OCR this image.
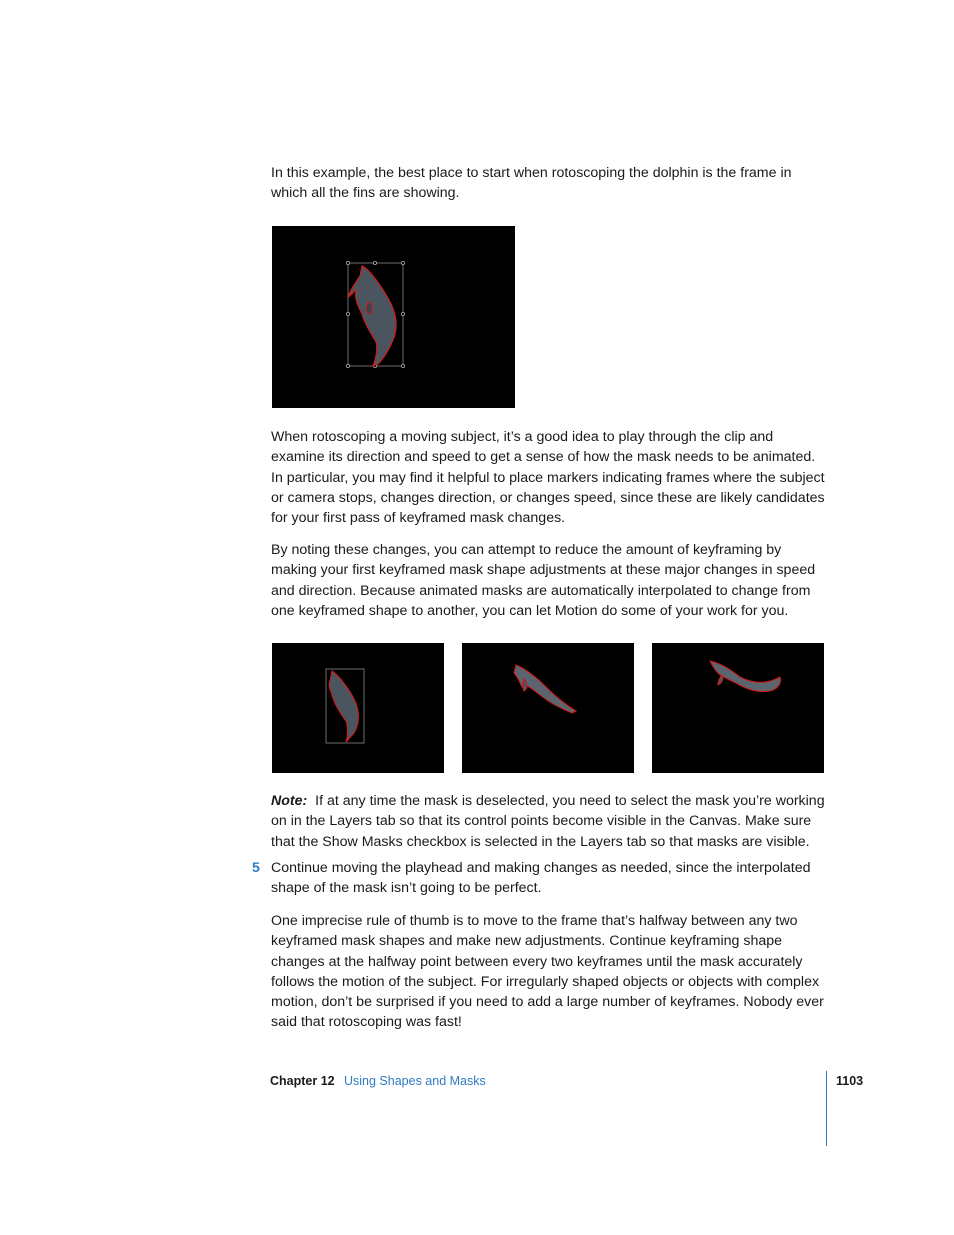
In this example, the best place to start when rotoscoping the dolphin is the frame in which all the fins are showing.

When rotoscoping a moving subject, it’s a good idea to play through the clip and examine its direction and speed to get a sense of how the mask needs to be animated. In particular, you may find it helpful to place markers indicating frames where the subject or camera stops, changes direction, or changes speed, since these are likely candidates for your first pass of keyframed mask changes.

By noting these changes, you can attempt to reduce the amount of keyframing by making your first keyframed mask shape adjustments at these major changes in speed and direction. Because animated masks are automatically interpolated to change from one keyframed shape to another, you can let Motion do some of your work for you.

Note: If at any time the mask is deselected, you need to select the mask you’re working on in the Layers tab so that its control points become visible in the Canvas. Make sure that the Show Masks checkbox is selected in the Layers tab so that masks are visible.

5 Continue moving the playhead and making changes as needed, since the interpolated shape of the mask isn’t going to be perfect.

One imprecise rule of thumb is to move to the frame that’s halfway between any two keyframed mask shapes and make new adjustments. Continue keyframing shape changes at the halfway point between every two keyframes until the mask accurately follows the motion of the subject. For irregularly shaped objects or objects with complex motion, don’t be surprised if you need to add a large number of keyframes. Nobody ever said that rotoscoping was fast!

Chapter 12 Using Shapes and Masks	1103
